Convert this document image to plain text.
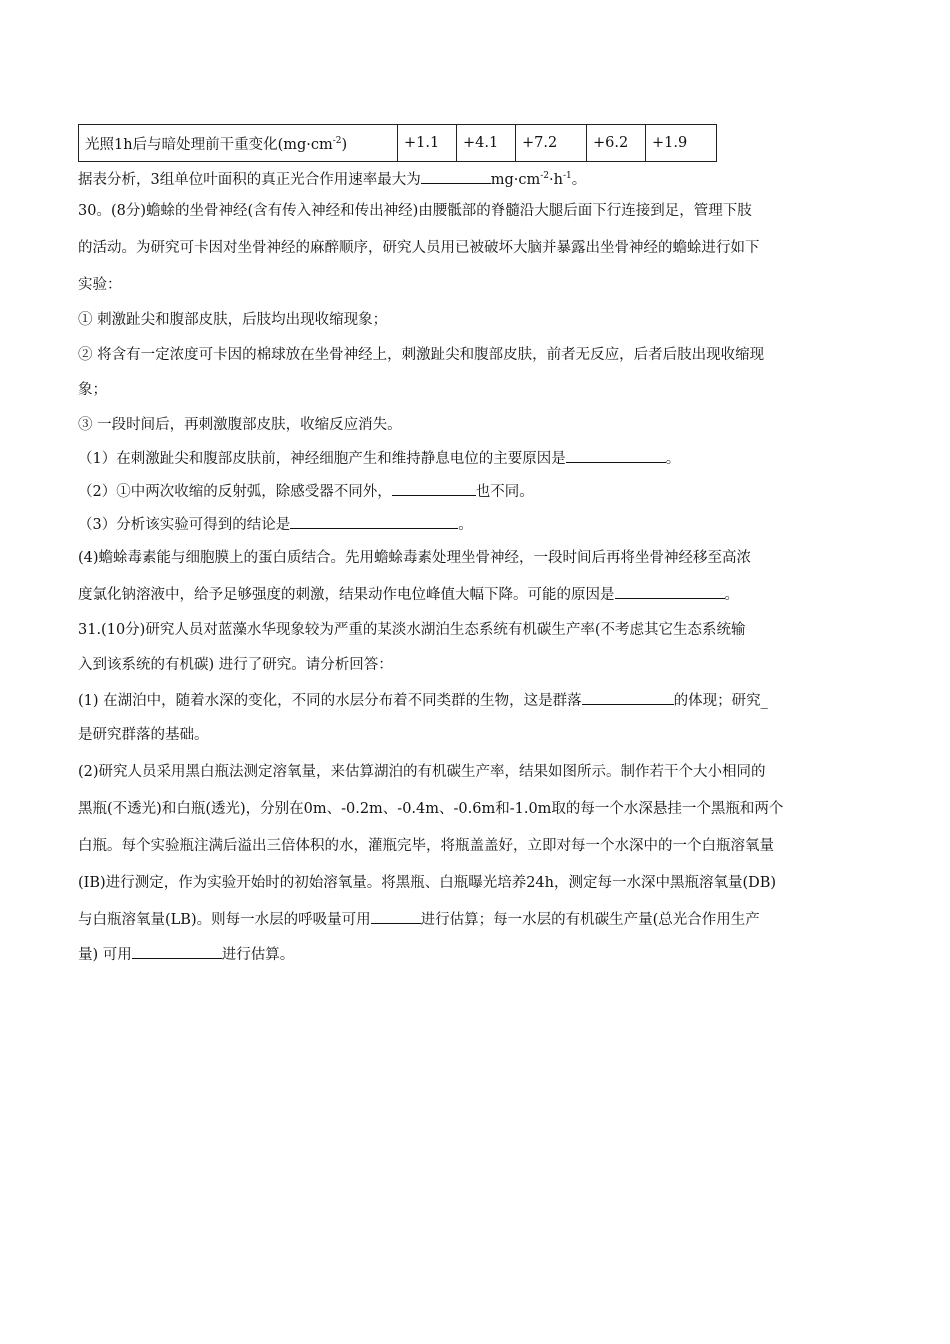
光照1h后与暗处理前干重变化$(mg\cdot cm^{-2})$	+1.1	+4.1	+7.2	+6.2	+1.9
据表分析，3组单位叶面积的真正光合作用速率最大为	$mg\cdot cm^{-2}\cdot h^{-1}$。
30。(8分)蟾蜍的坐骨神经(含有传入神经和传出神经)由腰骶部的脊髓沿大腿后面下行连接到足，管理下肢
的活动。为研究可卡因对坐骨神经的麻醉顺序，研究人员用已被破坏大脑并暴露出坐骨神经的蟾蜍进行如下
实验：
① 刺激趾尖和腹部皮肤，后肢均出现收缩现象；
② 将含有一定浓度可卡因的棉球放在坐骨神经上，刺激趾尖和腹部皮肤，前者无反应，后者后肢出现收缩现
象；
③ 一段时间后，再刺激腹部皮肤，收缩反应消失。
（1）在刺激趾尖和腹部皮肤前，神经细胞产生和维持静息电位的主要原因是	。
（2）①中两次收缩的反射弧，除感受器不同外，	也不同。
（3）分析该实验可得到的结论是	。
(4)蟾蜍毒素能与细胞膜上的蛋白质结合。先用蟾蜍毒素处理坐骨神经，一段时间后再将坐骨神经移至高浓
度氯化钠溶液中，给予足够强度的刺激，结果动作电位峰值大幅下降。可能的原因是	。
31.(10分)研究人员对蓝藻水华现象较为严重的某淡水湖泊生态系统有机碳生产率(不考虑其它生态系统输
入到该系统的有机碳) 进行了研究。请分析回答：
(1) 在湖泊中，随着水深的变化，不同的水层分布着不同类群的生物，这是群落	的体现；研究_
是研究群落的基础。
(2)研究人员采用黑白瓶法测定溶氧量，来估算湖泊的有机碳生产率，结果如图所示。制作若干个大小相同的
黑瓶(不透光)和白瓶(透光)，分别在0m、-0.2m、-0.4m、-0.6m和-1.0m取的每一个水深悬挂一个黑瓶和两个
白瓶。每个实验瓶注满后溢出三倍体积的水，灌瓶完毕，将瓶盖盖好，立即对每一个水深中的一个白瓶溶氧量
(IB)进行测定，作为实验开始时的初始溶氧量。将黑瓶、白瓶曝光培养24h，测定每一水深中黑瓶溶氧量(DB)
与白瓶溶氧量(LB)。则每一水层的呼吸量可用	进行估算；每一水层的有机碳生产量(总光合作用生产
量) 可用	进行估算。
